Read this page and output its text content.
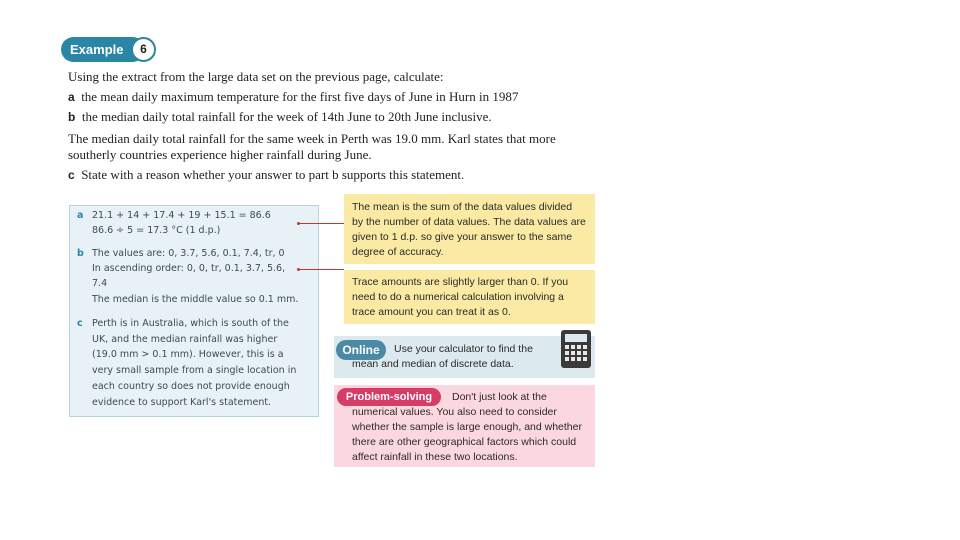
Example	6
Using the extract from the large data set on the previous page, calculate:
a the mean daily maximum temperature for the first five days of June in Hurn in 1987
b the median daily total rainfall for the week of 14th June to 20th June inclusive.
The median daily total rainfall for the same week in Perth was 19.0 mm. Karl states that more
southerly countries experience higher rainfall during June.
c State with a reason whether your answer to part b supports this statement.
a 21.1 + 14 + 17.4 + 19 + 15.1 = 86.6
86.6 ÷ 5 = 17.3 °C (1 d.p.)
b The values are: 0, 3.7, 5.6, 0.1, 7.4, tr, 0
In ascending order: 0, 0, tr, 0.1, 3.7, 5.6,
7.4
The median is the middle value so 0.1 mm.
c Perth is in Australia, which is south of the
UK, and the median rainfall was higher
(19.0 mm > 0.1 mm). However, this is a
very small sample from a single location in
each country so does not provide enough
evidence to support Karl's statement.
The mean is the sum of the data values divided
by the number of data values. The data values are
given to 1 d.p. so give your answer to the same
degree of accuracy.
Trace amounts are slightly larger than 0. If you
need to do a numerical calculation involving a
trace amount you can treat it as 0.
Online	Use your calculator to find the
mean and median of discrete data.
Problem-solving	Don't just look at the
numerical values. You also need to consider
whether the sample is large enough, and whether
there are other geographical factors which could
affect rainfall in these two locations.
